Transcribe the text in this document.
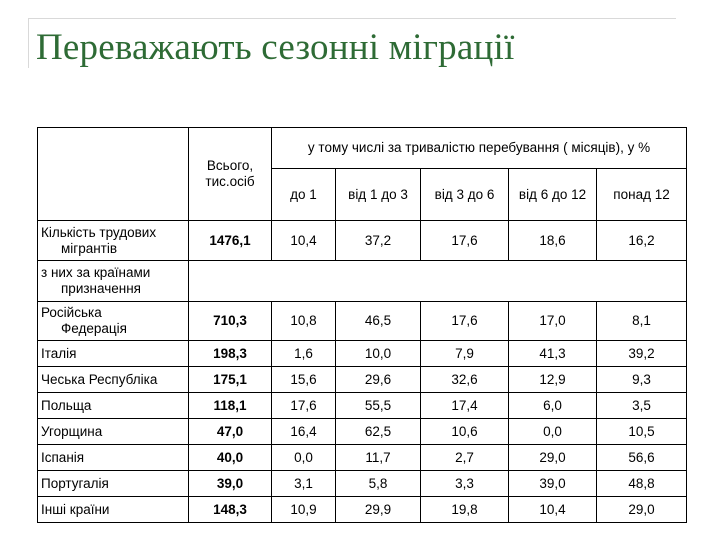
Переважають сезонні міграції
	Всього, тис.осіб	у тому числі за тривалістю перебування ( місяців), у %				
		до 1	від 1 до 3	від 3 до 6	від 6 до 12	понад 12
Кількість трудових
мігрантів	1476,1	10,4	37,2	17,6	18,6	16,2
з них за країнами
призначення						

Російська
Федерація	710,3	10,8	46,5	17,6	17,0	8,1
Італія	198,3	1,6	10,0	7,9	41,3	39,2
Чеська Республіка	175,1	15,6	29,6	32,6	12,9	9,3
Польща	118,1	17,6	55,5	17,4	6,0	3,5
Угорщина	47,0	16,4	62,5	10,6	0,0	10,5
Іспанія	40,0	0,0	11,7	2,7	29,0	56,6
Португалія	39,0	3,1	5,8	3,3	39,0	48,8
Інші країни	148,3	10,9	29,9	19,8	10,4	29,0
